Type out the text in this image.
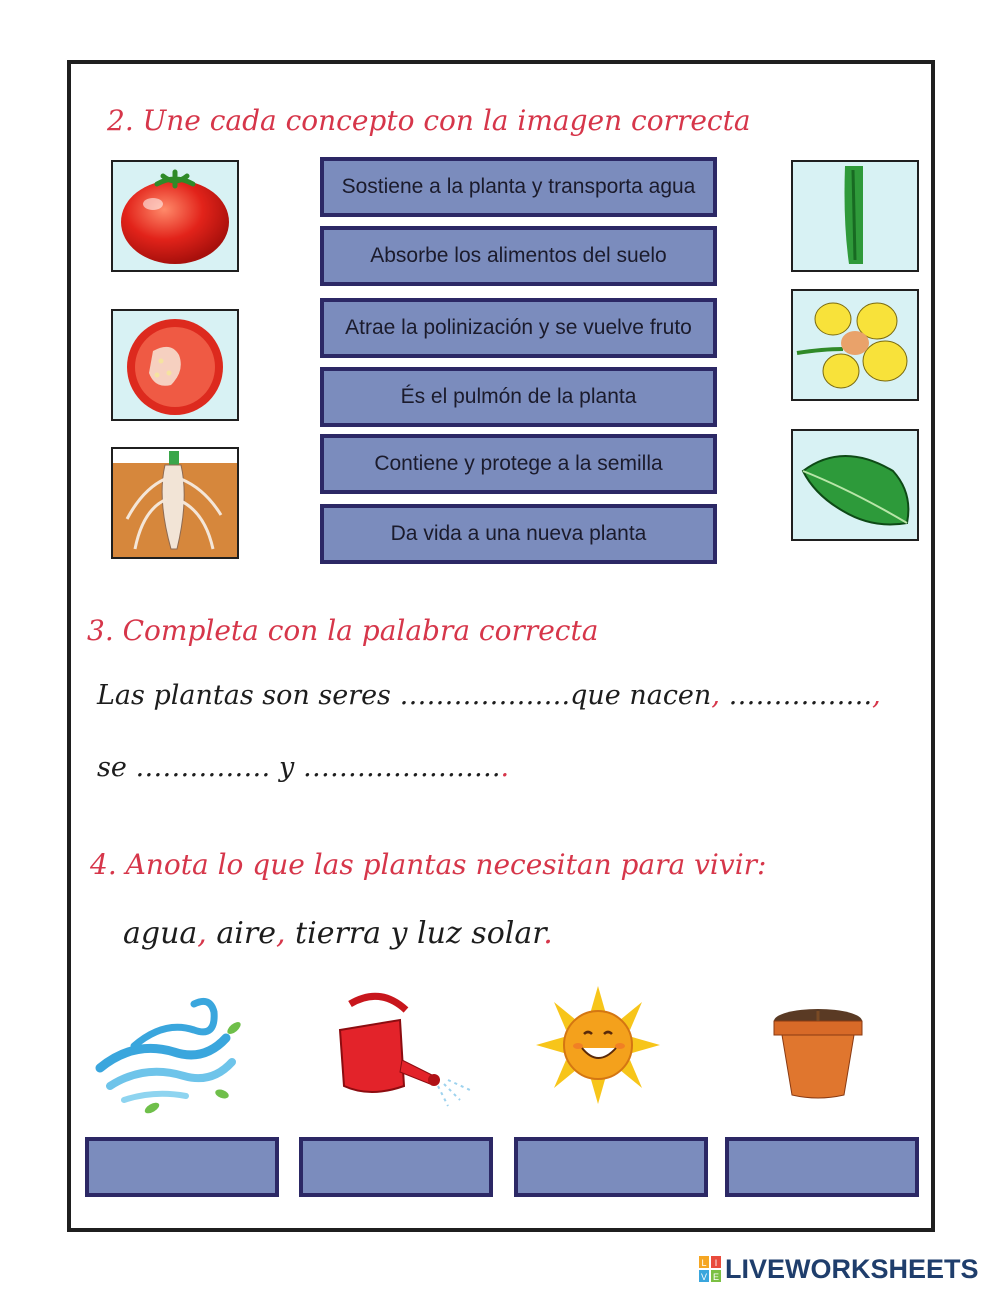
2. Une cada concepto con la imagen correcta
Sostiene a la planta y transporta agua
Absorbe los alimentos del suelo
Atrae la polinización y se vuelve fruto
És el pulmón de la planta
Contiene y protege a la semilla
Da vida a una nueva planta
3. Completa con la palabra correcta
Las plantas son seres ……………….que nacen, …………….,
se …………… y …………………..
4. Anota lo que las plantas necesitan para vivir:
agua, aire, tierra y luz solar.
L I
V E LIVEWORKSHEETS
